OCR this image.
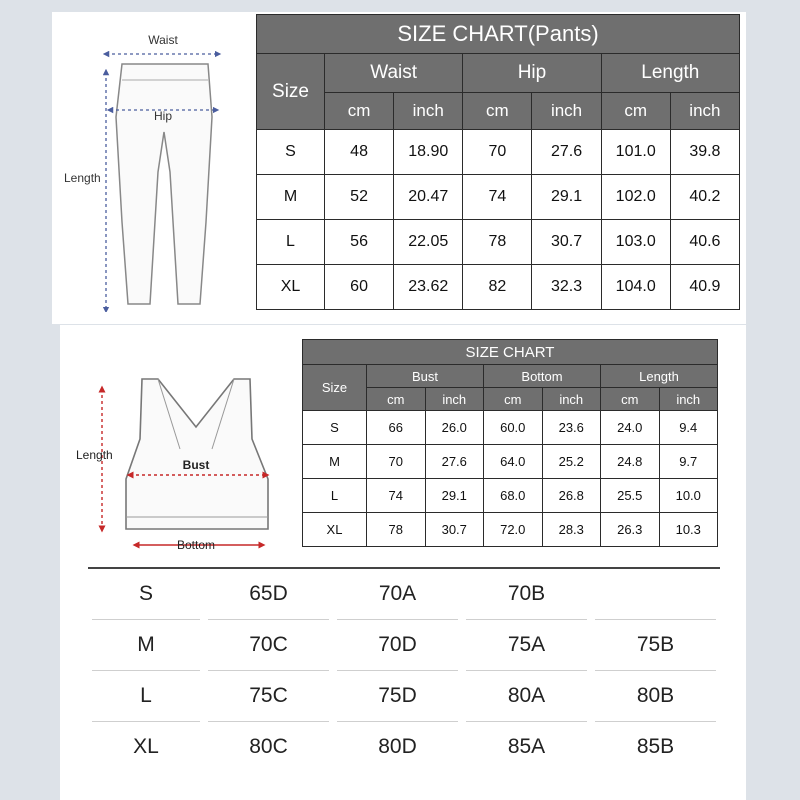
Waist
Hip
Length
SIZE CHART(Pants)						
Size	Waist		Hip		Length	
	cm	inch	cm	inch	cm	inch
S	48	18.90	70	27.6	101.0	39.8
M	52	20.47	74	29.1	102.0	40.2
L	56	22.05	78	30.7	103.0	40.6
XL	60	23.62	82	32.3	104.0	40.9
Length
Bust
Bottom
SIZE CHART						
Size	Bust		Bottom		Length	
	cm	inch	cm	inch	cm	inch
S	66	26.0	60.0	23.6	24.0	9.4
M	70	27.6	64.0	25.2	24.8	9.7
L	74	29.1	68.0	26.8	25.5	10.0
XL	78	30.7	72.0	28.3	26.3	10.3
S	65D	70A	70B
M	70C	70D	75A	75B
L	75C	75D	80A	80B
XL	80C	80D	85A	85B
